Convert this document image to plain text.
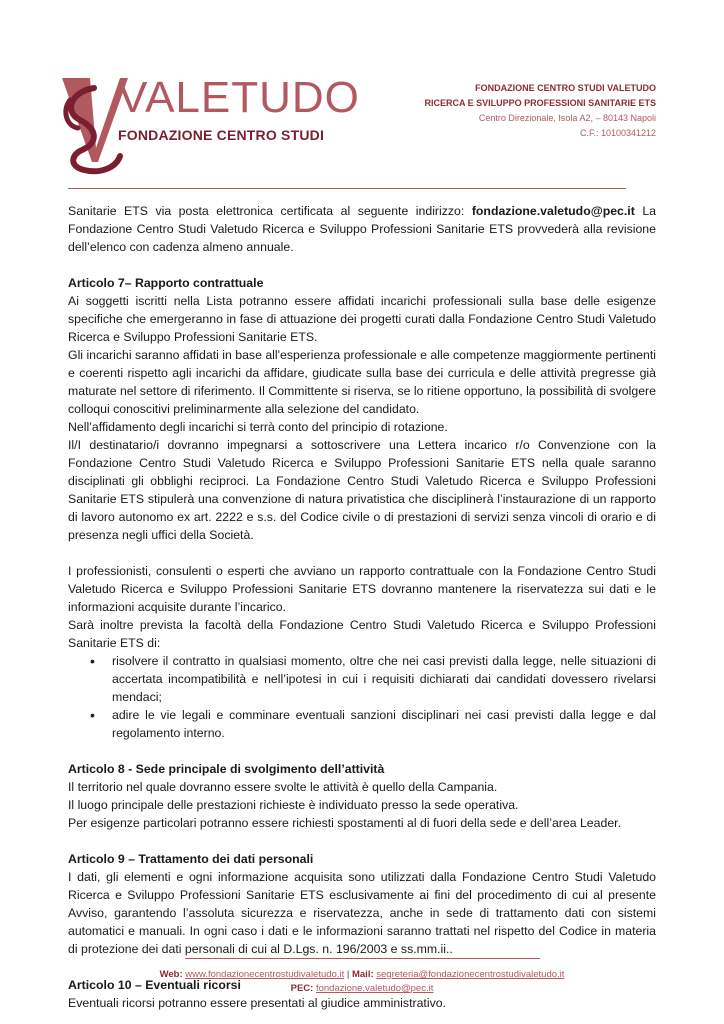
VALETUDO
FONDAZIONE CENTRO STUDI
FONDAZIONE CENTRO STUDI VALETUDO
RICERCA E SVILUPPO PROFESSIONI SANITARIE ETS
Centro Direzionale, Isola A2, – 80143 Napoli
C.F.: 10100341212

Sanitarie ETS via posta elettronica certificata al seguente indirizzo: fondazione.valetudo@pec.it La Fondazione Centro Studi Valetudo Ricerca e Sviluppo Professioni Sanitarie ETS provvederà alla revisione dell’elenco con cadenza almeno annuale.

Articolo 7– Rapporto contrattuale

Ai soggetti iscritti nella Lista potranno essere affidati incarichi professionali sulla base delle esigenze specifiche che emergeranno in fase di attuazione dei progetti curati dalla Fondazione Centro Studi Valetudo Ricerca e Sviluppo Professioni Sanitarie ETS.

Gli incarichi saranno affidati in base all'esperienza professionale e alle competenze maggiormente pertinenti e coerenti rispetto agli incarichi da affidare, giudicate sulla base dei curricula e delle attività pregresse già maturate nel settore di riferimento. Il Committente si riserva, se lo ritiene opportuno, la possibilità di svolgere colloqui conoscitivi preliminarmente alla selezione del candidato.

Nell’affidamento degli incarichi si terrà conto del principio di rotazione.

Il/I destinatario/i dovranno impegnarsi a sottoscrivere una Lettera incarico r/o Convenzione con la Fondazione Centro Studi Valetudo Ricerca e Sviluppo Professioni Sanitarie ETS nella quale saranno disciplinati gli obblighi reciproci. La Fondazione Centro Studi Valetudo Ricerca e Sviluppo Professioni Sanitarie ETS stipulerà una convenzione di natura privatistica che disciplinerà l’instaurazione di un rapporto di lavoro autonomo ex art. 2222 e s.s. del Codice civile o di prestazioni di servizi senza vincoli di orario e di presenza negli uffici della Società.

I professionisti, consulenti o esperti che avviano un rapporto contrattuale con la Fondazione Centro Studi Valetudo Ricerca e Sviluppo Professioni Sanitarie ETS dovranno mantenere la riservatezza sui dati e le informazioni acquisite durante l’incarico.

Sarà inoltre prevista la facoltà della Fondazione Centro Studi Valetudo Ricerca e Sviluppo Professioni Sanitarie ETS di:

• risolvere il contratto in qualsiasi momento, oltre che nei casi previsti dalla legge, nelle situazioni di accertata incompatibilità e nell’ipotesi in cui i requisiti dichiarati dai candidati dovessero rivelarsi mendaci;
• adire le vie legali e comminare eventuali sanzioni disciplinari nei casi previsti dalla legge e dal regolamento interno.

Articolo 8 - Sede principale di svolgimento dell’attività

Il territorio nel quale dovranno essere svolte le attività è quello della Campania.

Il luogo principale delle prestazioni richieste è individuato presso la sede operativa.

Per esigenze particolari potranno essere richiesti spostamenti al di fuori della sede e dell’area Leader.

Articolo 9 – Trattamento dei dati personali

I dati, gli elementi e ogni informazione acquisita sono utilizzati dalla Fondazione Centro Studi Valetudo Ricerca e Sviluppo Professioni Sanitarie ETS esclusivamente ai fini del procedimento di cui al presente Avviso, garantendo l’assoluta sicurezza e riservatezza, anche in sede di trattamento dati con sistemi automatici e manuali. In ogni caso i dati e le informazioni saranno trattati nel rispetto del Codice in materia di protezione dei dati personali di cui al D.Lgs. n. 196/2003 e ss.mm.ii..

Articolo 10 – Eventuali ricorsi

Eventuali ricorsi potranno essere presentati al giudice amministrativo.

Web: www.fondazionecentrostudivaletudo.it | Mail: segreteria@fondazionecentrostudivaletudo.it
PEC: fondazione.valetudo@pec.it
